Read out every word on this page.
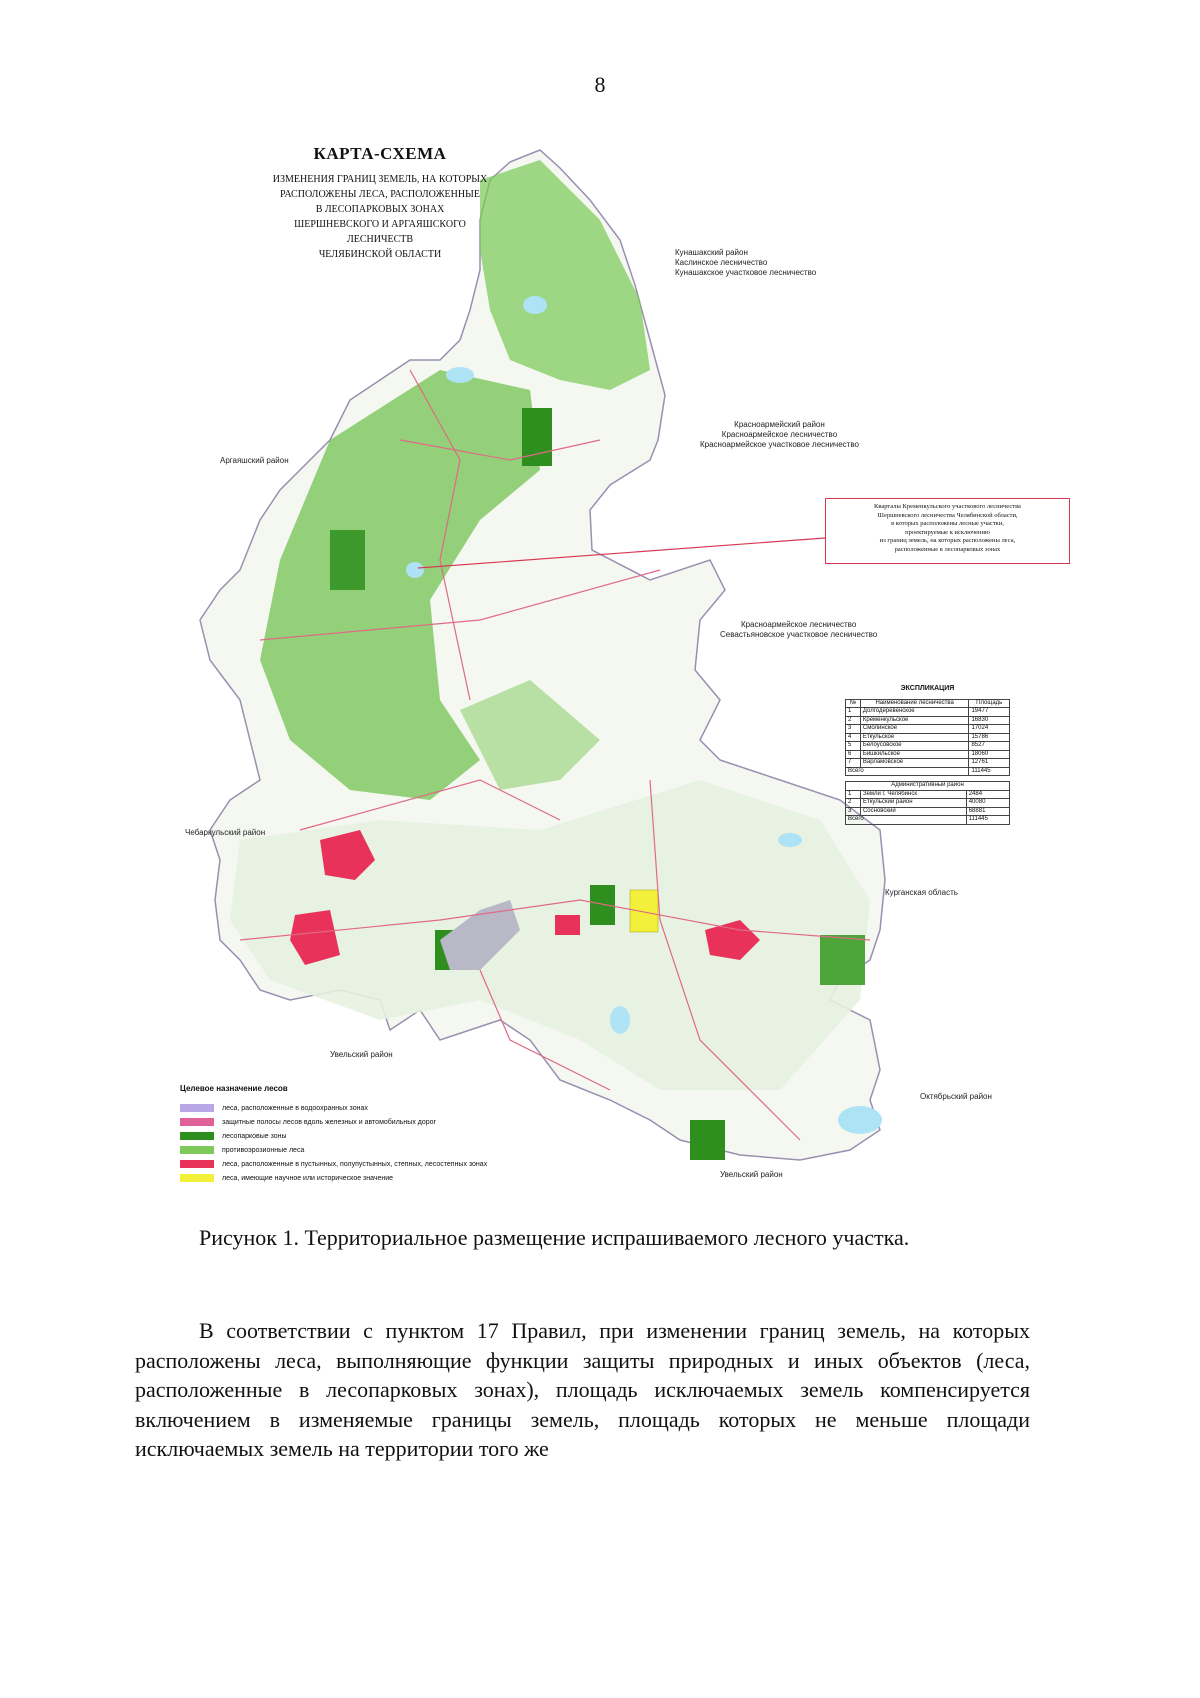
8
КАРТА-СХЕМА
ИЗМЕНЕНИЯ ГРАНИЦ ЗЕМЕЛЬ, НА КОТОРЫХ
РАСПОЛОЖЕНЫ ЛЕСА, РАСПОЛОЖЕННЫЕ
В ЛЕСОПАРКОВЫХ ЗОНАХ
ШЕРШНЕВСКОГО И АРГАЯШСКОГО
ЛЕСНИЧЕСТВ
ЧЕЛЯБИНСКОЙ ОБЛАСТИ	Кунашакский район
Каслинское лесничество
Кунашакское участковое лесничество
Красноармейский район
Красноармейское лесничество
Красноармейское участковое лесничество
Аргаяшский район
Красноармейское лесничество
Севастьяновское участковое лесничество
Чебаркульский район
Курганская область
Увельский район
Увельский район
Октябрьский район
Кварталы Кременкульского участкового лесничества
Шершневского лесничества Челябинской области,
в которых расположены лесные участки,
проектируемые к исключению
из границ земель, на которых расположены леса,
расположенные в лесопарковых зонах
ЭКСПЛИКАЦИЯ
№	Наименование лесничества	Площадь
1	Долгодеревенское	19477
2	Кременкульское	16830
3	Смолинское	17024
4	Еткульское	15786
5	Белоусовское	8527
6	Бишкильское	18060
7	Варламовское	12761
Всего		111445
Административный район		
1	Земли г. Челябинск	2484
2	Еткульский район	40080
3	Сосновский	68881
Всего		111445
Целевое назначение лесов
леса, расположенные в водоохранных зонах
защитные полосы лесов вдоль железных и автомобильных дорог
лесопарковые зоны
противоэрозионные леса
леса, расположенные в пустынных, полупустынных, степных, лесостепных зонах
леса, имеющие научное или историческое значение
Рисунок 1. Территориальное размещение испрашиваемого лесного участка.
В соответствии с пунктом 17 Правил, при изменении границ земель, на которых расположены леса, выполняющие функции защиты природных и иных объектов (леса, расположенные в лесопарковых зонах), площадь исключаемых земель компенсируется включением в изменяемые границы земель, площадь которых не меньше площади исключаемых земель на территории того же
